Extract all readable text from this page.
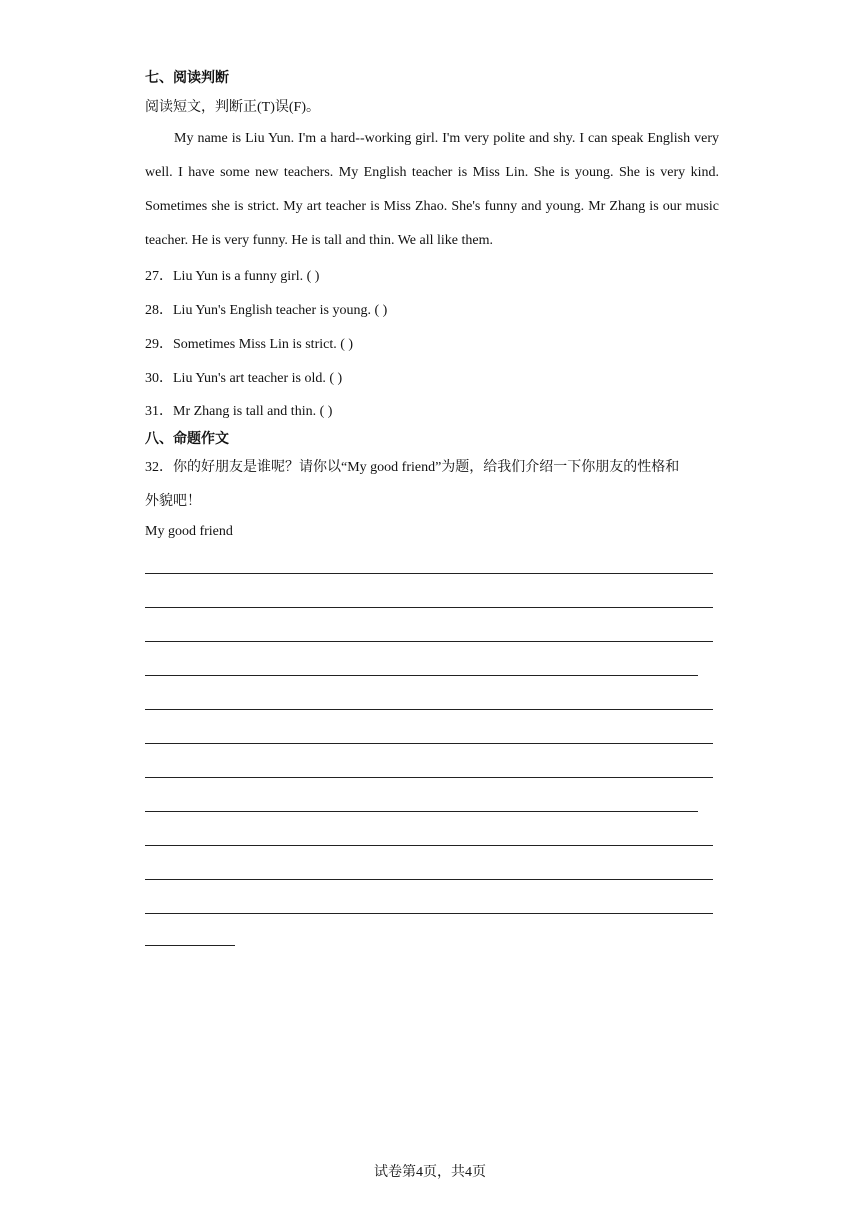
七、阅读判断
阅读短文，判断正(T)误(F)。

My name is Liu Yun. I'm a hard--working girl. I'm very polite and shy. I can speak English very well. I have some new teachers. My English teacher is Miss Lin. She is young. She is very kind. Sometimes she is strict. My art teacher is Miss Zhao. She's funny and young. Mr Zhang is our music teacher. He is very funny. He is tall and thin. We all like them.

27．Liu Yun is a funny girl. ( )
28．Liu Yun's English teacher is young. ( )
29．Sometimes Miss Lin is strict. ( )
30．Liu Yun's art teacher is old. ( )
31．Mr Zhang is tall and thin. ( )
八、命题作文
32．你的好朋友是谁呢？请你以“My good friend”为题，给我们介绍一下你朋友的性格和
外貌吧！
My good friend
试卷第4页，共4页
